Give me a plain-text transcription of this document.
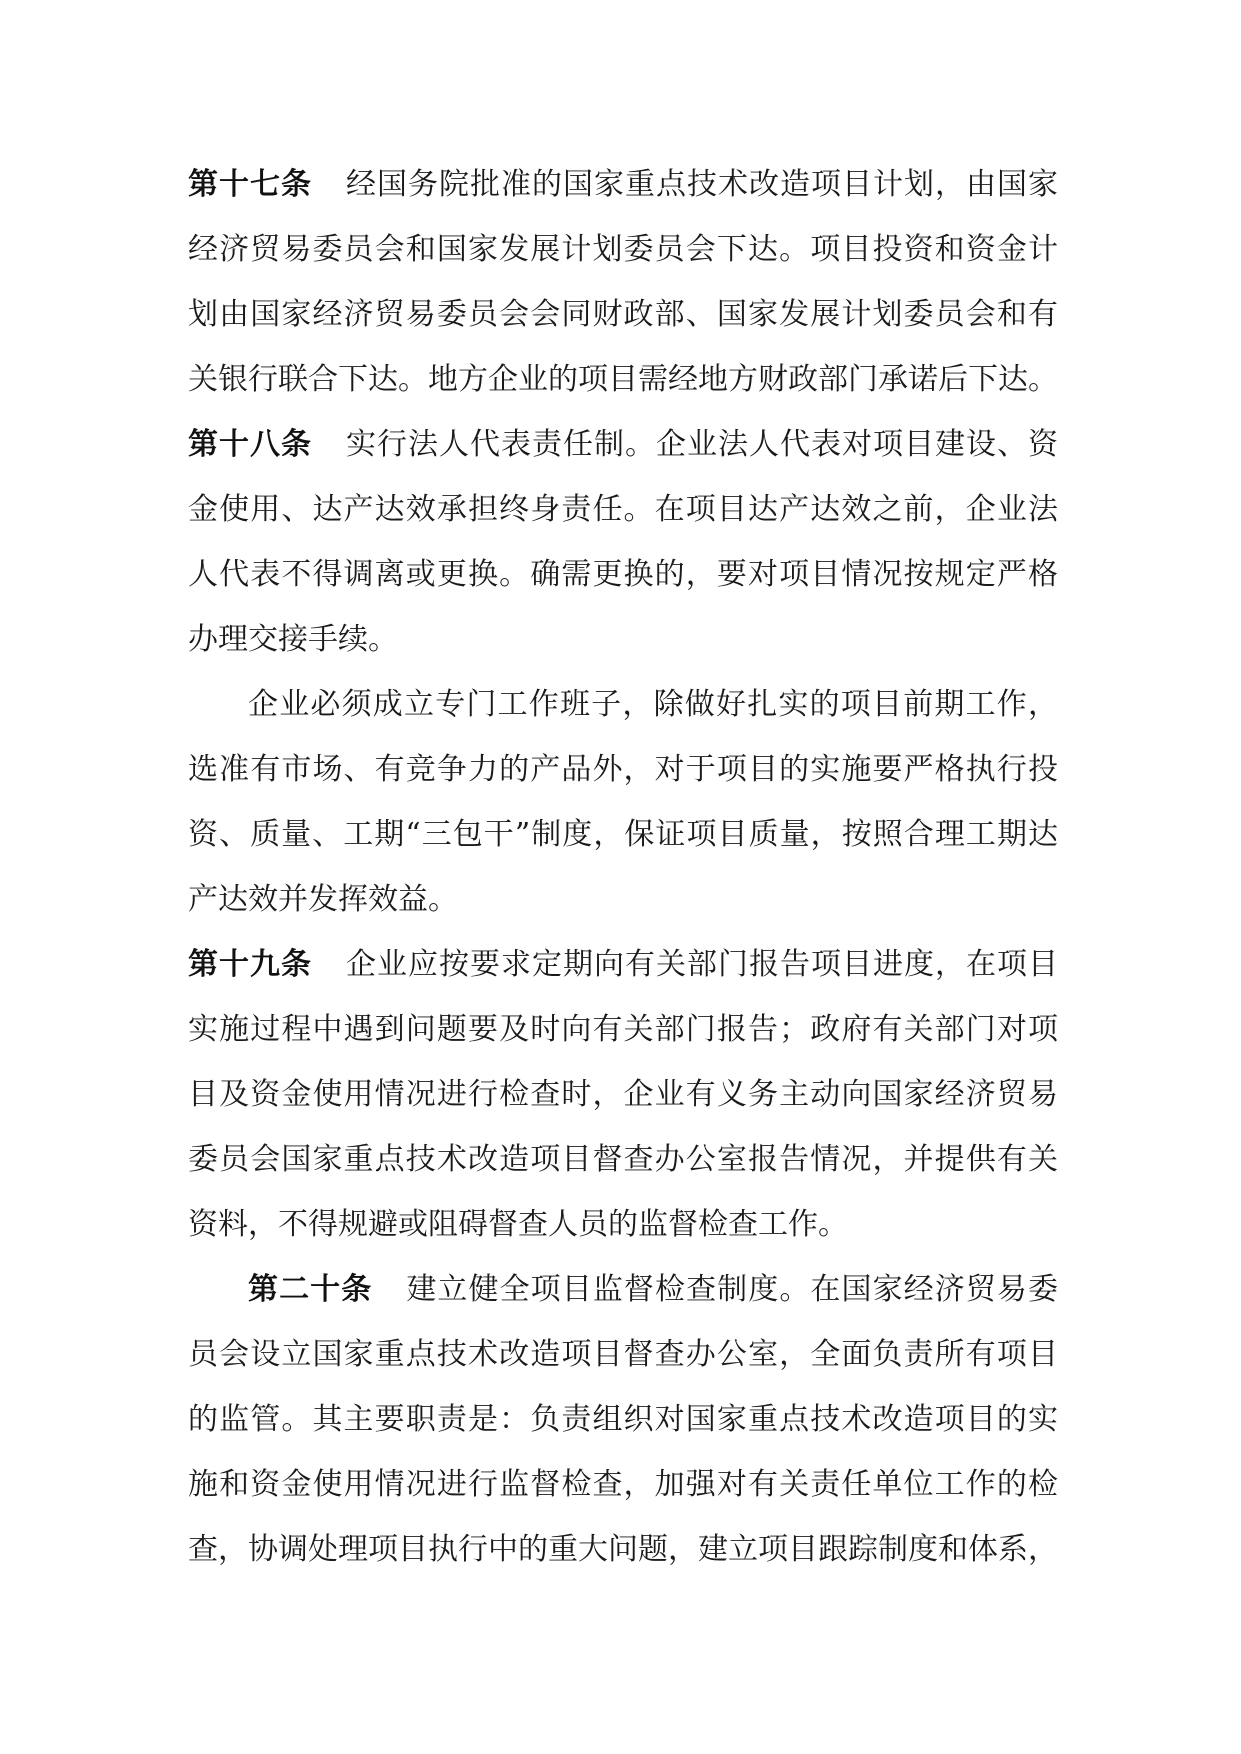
第十七条 经国务院批准的国家重点技术改造项目计划，由国家
经济贸易委员会和国家发展计划委员会下达。项目投资和资金计
划由国家经济贸易委员会会同财政部、国家发展计划委员会和有
关银行联合下达。地方企业的项目需经地方财政部门承诺后下达。
第十八条 实行法人代表责任制。企业法人代表对项目建设、资
金使用、达产达效承担终身责任。在项目达产达效之前，企业法
人代表不得调离或更换。确需更换的，要对项目情况按规定严格
办理交接手续。
企业必须成立专门工作班子，除做好扎实的项目前期工作，
选准有市场、有竞争力的产品外，对于项目的实施要严格执行投
资、质量、工期“三包干”制度，保证项目质量，按照合理工期达
产达效并发挥效益。
第十九条 企业应按要求定期向有关部门报告项目进度，在项目
实施过程中遇到问题要及时向有关部门报告；政府有关部门对项
目及资金使用情况进行检查时，企业有义务主动向国家经济贸易
委员会国家重点技术改造项目督查办公室报告情况，并提供有关
资料，不得规避或阻碍督查人员的监督检查工作。
第二十条 建立健全项目监督检查制度。在国家经济贸易委
员会设立国家重点技术改造项目督查办公室，全面负责所有项目
的监管。其主要职责是：负责组织对国家重点技术改造项目的实
施和资金使用情况进行监督检查，加强对有关责任单位工作的检
查，协调处理项目执行中的重大问题，建立项目跟踪制度和体系，
